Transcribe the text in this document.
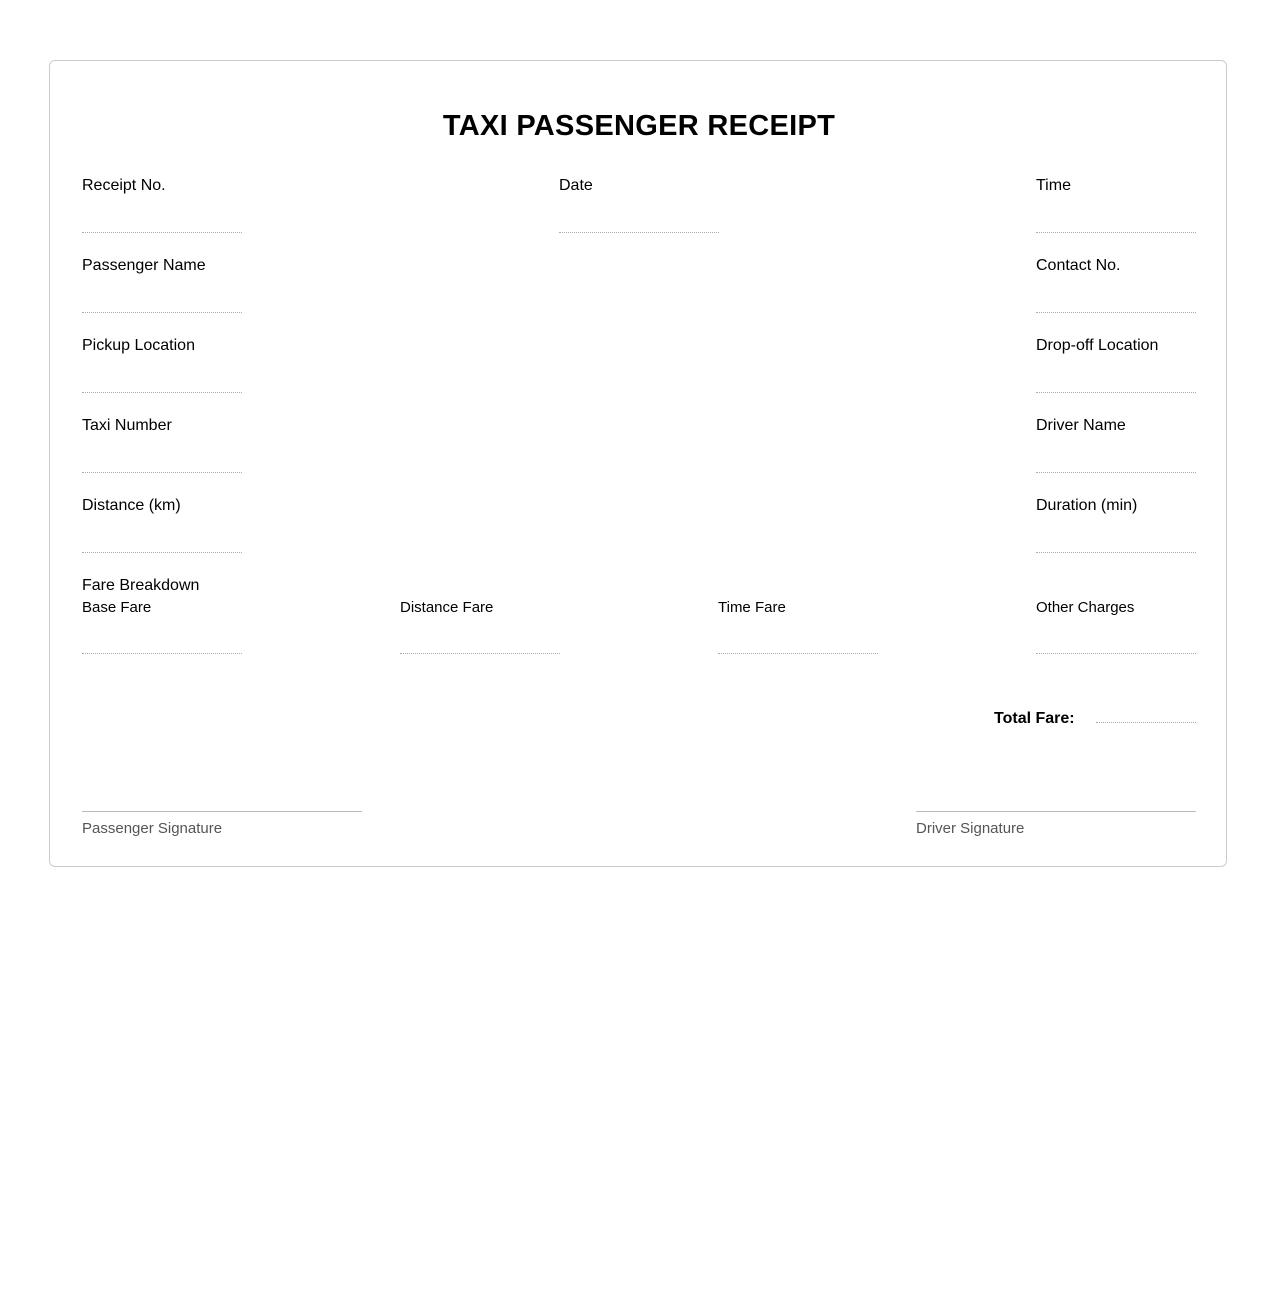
TAXI PASSENGER RECEIPT
Receipt No.	Date	Time
Passenger Name	Contact No.
Pickup Location	Drop-off Location
Taxi Number	Driver Name
Distance (km)	Duration (min)
Fare Breakdown
Base Fare	Distance Fare	Time Fare	Other Charges
Total Fare:
Passenger Signature	Driver Signature
